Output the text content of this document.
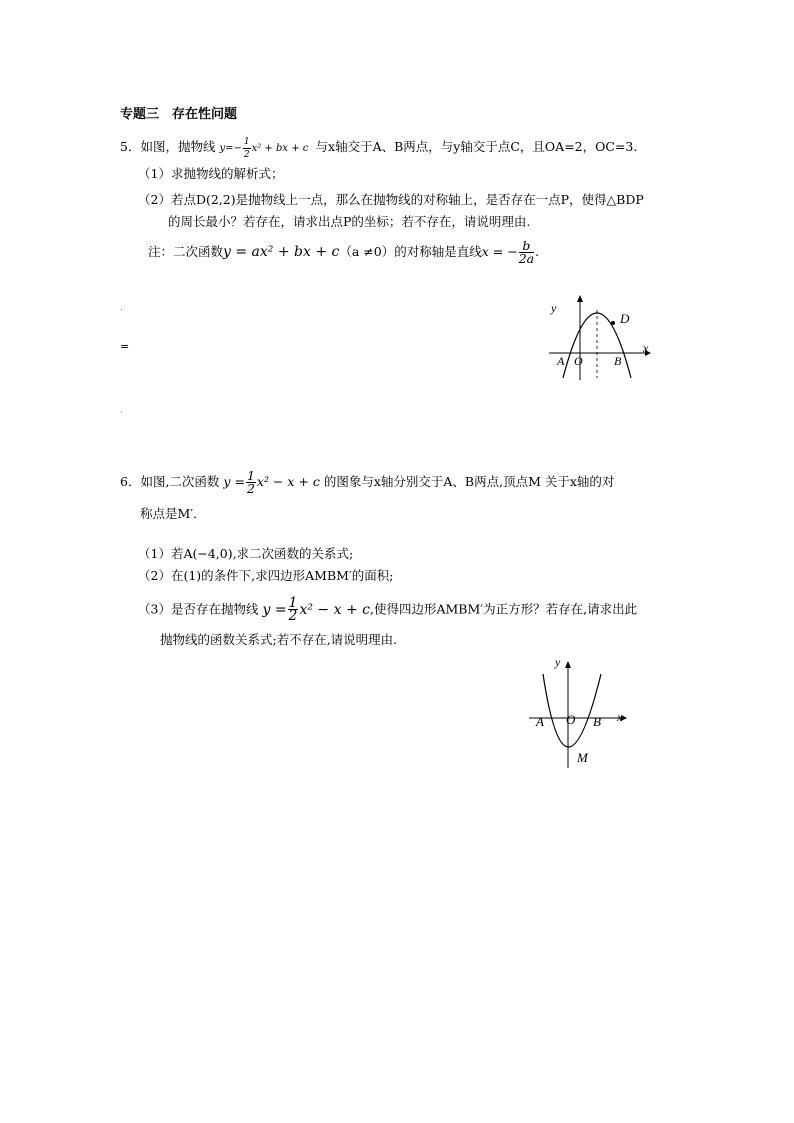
专题三　存在性问题
5．如图，抛物线 $y=- \frac{1}{2} x^2$ + bx + c 与x轴交于A、B两点，与y轴交于点C，且OA=2，OC=3.
（1）求抛物线的解析式；
（2）若点D(2,2)是抛物线上一点，那么在抛物线的对称轴上，是否存在一点P，使得△BDP
的周长最小？若存在，请求出点P的坐标；若不存在，请说明理由.
注：二次函数y = ax² + bx + c（a ≠0）的对称轴是直线x = − $\frac{b}{2a}$ .
·
=
·
y
x
A O	B
D
6．如图,二次函数 $y = \frac{1}{2} x^2 - x + c$ 的图象与x轴分别交于A、B两点,顶点M 关于x轴的对
称点是M′．
（1）若A(−4,0),求二次函数的关系式;
（2）在(1)的条件下,求四边形AMBM′的面积;
（3）是否存在抛物线 $y = \frac{1}{2} x^2 - x + c$,使得四边形AMBM′为正方形？若存在,请求出此
抛物线的函数关系式;若不存在,请说明理由.
y
x
A O B
M
